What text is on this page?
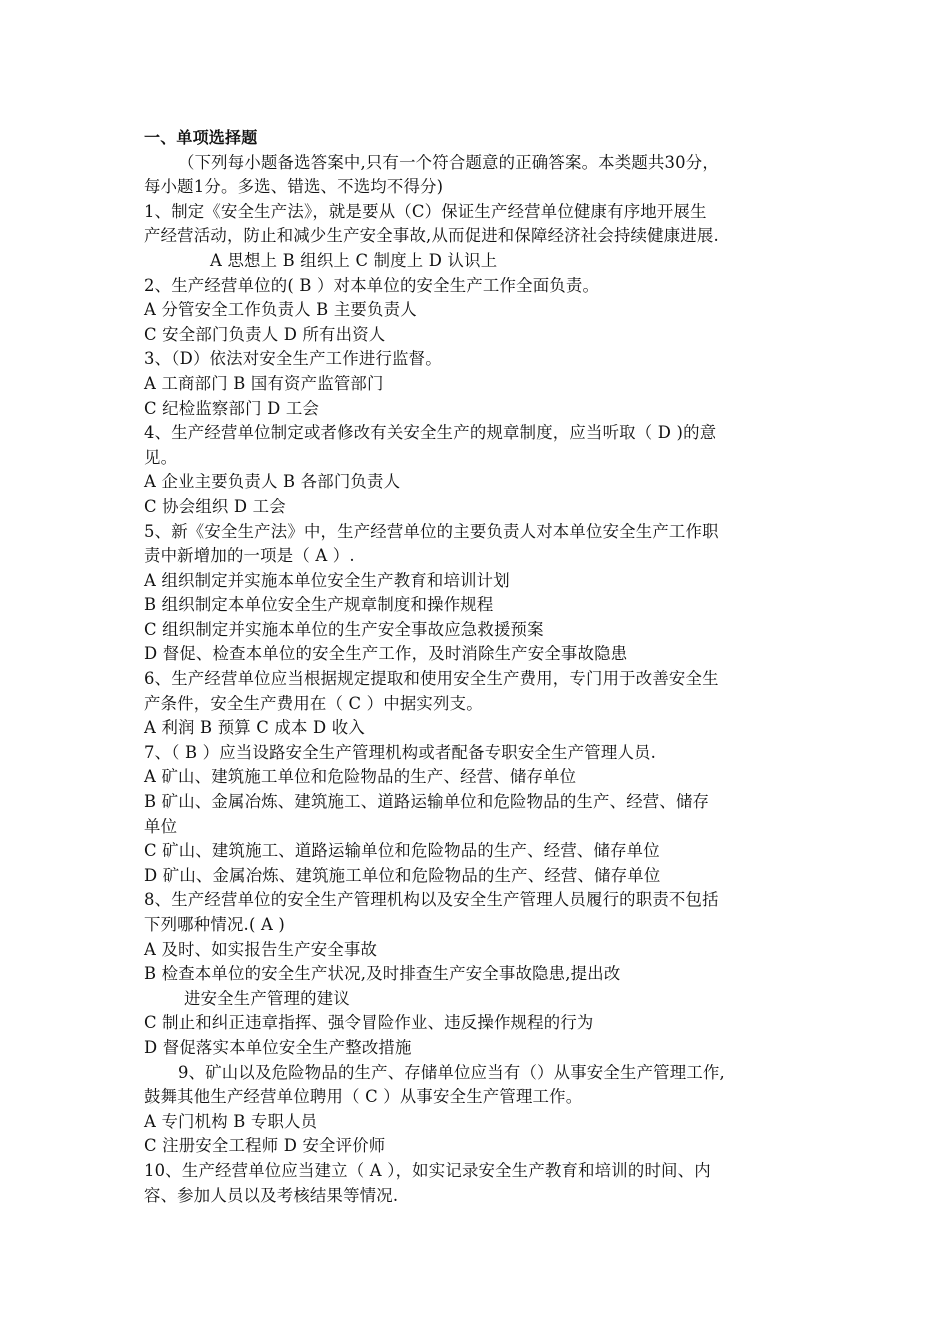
一、单项选择题
（下列每小题备选答案中,只有一个符合题意的正确答案。本类题共30分，
每小题1分。多选、错选、不选均不得分)
1、制定《安全生产法》，就是要从（C）保证生产经营单位健康有序地开展生
产经营活动，防止和减少生产安全事故,从而促进和保障经济社会持续健康进展.
A 思想上 B 组织上 C 制度上 D 认识上
2、生产经营单位的( B ）对本单位的安全生产工作全面负责。
A 分管安全工作负责人 B 主要负责人
C 安全部门负责人 D 所有出资人
3、（D）依法对安全生产工作进行监督。
A 工商部门 B 国有资产监管部门
C 纪检监察部门 D 工会
4、生产经营单位制定或者修改有关安全生产的规章制度，应当听取（ D )的意
见。
A 企业主要负责人 B 各部门负责人
C 协会组织 D 工会
5、新《安全生产法》中，生产经营单位的主要负责人对本单位安全生产工作职
责中新增加的一项是（ A ）.
A 组织制定并实施本单位安全生产教育和培训计划
B 组织制定本单位安全生产规章制度和操作规程
C 组织制定并实施本单位的生产安全事故应急救援预案
D 督促、检查本单位的安全生产工作，及时消除生产安全事故隐患
6、生产经营单位应当根据规定提取和使用安全生产费用，专门用于改善安全生
产条件，安全生产费用在（ C ）中据实列支。
A 利润 B 预算 C 成本 D 收入
7、（ B ）应当设路安全生产管理机构或者配备专职安全生产管理人员.
A 矿山、建筑施工单位和危险物品的生产、经营、储存单位
B 矿山、金属冶炼、建筑施工、道路运输单位和危险物品的生产、经营、储存
单位
C 矿山、建筑施工、道路运输单位和危险物品的生产、经营、储存单位
D 矿山、金属冶炼、建筑施工单位和危险物品的生产、经营、储存单位
8、生产经营单位的安全生产管理机构以及安全生产管理人员履行的职责不包括
下列哪种情况.( A )
A 及时、如实报告生产安全事故
B 检查本单位的安全生产状况,及时排查生产安全事故隐患,提出改
进安全生产管理的建议
C 制止和纠正违章指挥、强令冒险作业、违反操作规程的行为
D 督促落实本单位安全生产整改措施
9、矿山以及危险物品的生产、存储单位应当有（）从事安全生产管理工作,
鼓舞其他生产经营单位聘用（ C ）从事安全生产管理工作。
A 专门机构 B 专职人员
C 注册安全工程师 D 安全评价师
10、生产经营单位应当建立（ A ），如实记录安全生产教育和培训的时间、内
容、参加人员以及考核结果等情况.
